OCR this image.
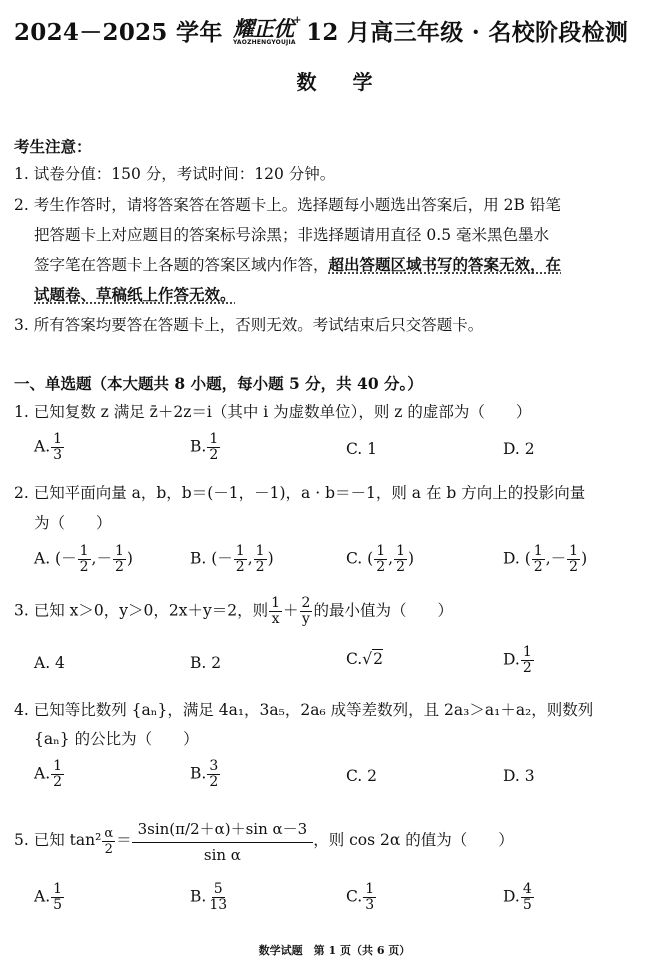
2024－2025 学年 耀正优
YAOZHENGYOUJIA
+ 12 月高三年级 · 名校阶段检测
数学
考生注意：
1. 试卷分值：150 分，考试时间：120 分钟。
2. 考生作答时，请将答案答在答题卡上。选择题每小题选出答案后，用 2B 铅笔
把答题卡上对应题目的答案标号涂黑；非选择题请用直径 0.5 毫米黑色墨水
签字笔在答题卡上各题的答案区域内作答，超出答题区域书写的答案无效，在
试题卷、草稿纸上作答无效。
3. 所有答案均要答在答题卡上，否则无效。考试结束后只交答题卡。
一、单选题（本大题共 8 小题，每小题 5 分，共 40 分。）
1. 已知复数 z 满足 z̄＋2z＝i（其中 i 为虚数单位），则 z 的虚部为（　　）
A. $\frac{1}{3}$	B. $\frac{1}{2}$	C. 1	D. 2
2. 已知平面向量 a，b，b＝(－1，－1)，a · b＝－1，则 a 在 b 方向上的投影向量
为（　　）
A. (－ $\frac{1}{2}$ ,－ $\frac{1}{2}$ )	B. (－ $\frac{1}{2}$ , $\frac{1}{2}$ )	C. ( $\frac{1}{2}$ , $\frac{1}{2}$ )	D. ( $\frac{1}{2}$ ,－ $\frac{1}{2}$ )
3. 已知 x＞0，y＞0，2x＋y＝2，则 $\frac{1}{x} + \frac{2}{y}$ 的最小值为（　　）
A. 4	B. 2	C.√2	D. $\frac{1}{2}$
4. 已知等比数列 {aₙ}，满足 4a₁，3a₅，2a₆ 成等差数列，且 2a₃＞a₁＋a₂，则数列
{aₙ} 的公比为（　　）
A. $\frac{1}{2}$	B. $\frac{3}{2}$	C. 2	D. 3
5. 已知 $\tan^2 \frac{\alpha}{2} = \frac{\text{3sin(π/2＋α)＋sin α－3}}{\text{sin α}}$ ，则 cos 2α 的值为（　　）
A. $\frac{1}{5}$	B. $\frac{5}{13}$	C. $\frac{1}{3}$	D. $\frac{4}{5}$
数学试题　第 1 页（共 6 页）
